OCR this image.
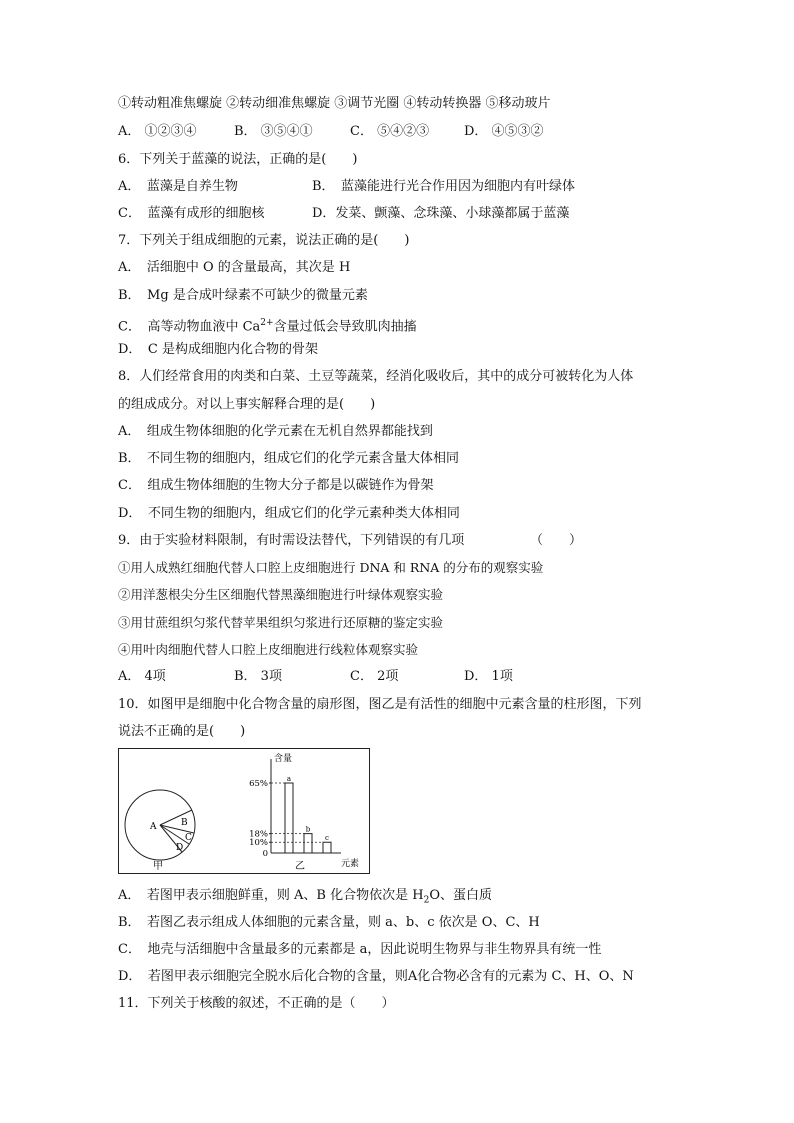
①转动粗准焦螺旋 ②转动细准焦螺旋 ③调节光圈 ④转动转换器 ⑤移动玻片
A． ①②③④	B． ③⑤④①	C． ⑤④②③	D． ④⑤③②
6．下列关于蓝藻的说法，正确的是(　　)
A．　蓝藻是自养生物	B．　蓝藻能进行光合作用因为细胞内有叶绿体
C．　蓝藻有成形的细胞核	D．发菜、颤藻、念珠藻、小球藻都属于蓝藻
7．下列关于组成细胞的元素，说法正确的是(　　)
A．　活细胞中 O 的含量最高，其次是 H
B．　Mg 是合成叶绿素不可缺少的微量元素
C．　高等动物血液中 $Ca^{2+}$含量过低会导致肌肉抽搐
D．　C 是构成细胞内化合物的骨架
8．人们经常食用的肉类和白菜、土豆等蔬菜，经消化吸收后，其中的成分可被转化为人体
的组成成分。对以上事实解释合理的是(　　)
A．　组成生物体细胞的化学元素在无机自然界都能找到
B．　不同生物的细胞内，组成它们的化学元素含量大体相同
C．　组成生物体细胞的生物大分子都是以碳链作为骨架
D．　不同生物的细胞内，组成它们的化学元素种类大体相同
9．由于实验材料限制，有时需设法替代，下列错误的有几项	（　　）
①用人成熟红细胞代替人口腔上皮细胞进行 DNA 和 RNA 的分布的观察实验
②用洋葱根尖分生区细胞代替黑藻细胞进行叶绿体观察实验
③用甘蔗组织匀浆代替苹果组织匀浆进行还原糖的鉴定实验
④用叶肉细胞代替人口腔上皮细胞进行线粒体观察实验
A． 4项	B． 3项	C． 2项	D． 1项
10．如图甲是细胞中化合物含量的扇形图，图乙是有活性的细胞中元素含量的柱形图，下列
说法不正确的是(　　)
A	B
C
D
甲
含量
元素
乙
65%
18%
10%
0
a
b
c
A．　若图甲表示细胞鲜重，则 A、B 化合物依次是 $H_2O$、蛋白质
B．　若图乙表示组成人体细胞的元素含量，则 a、b、c 依次是 O、C、H
C．　地壳与活细胞中含量最多的元素都是 a，因此说明生物界与非生物界具有统一性
D．　若图甲表示细胞完全脱水后化合物的含量，则A化合物必含有的元素为 C、H、O、N
11．下列关于核酸的叙述，不正确的是（　　）
